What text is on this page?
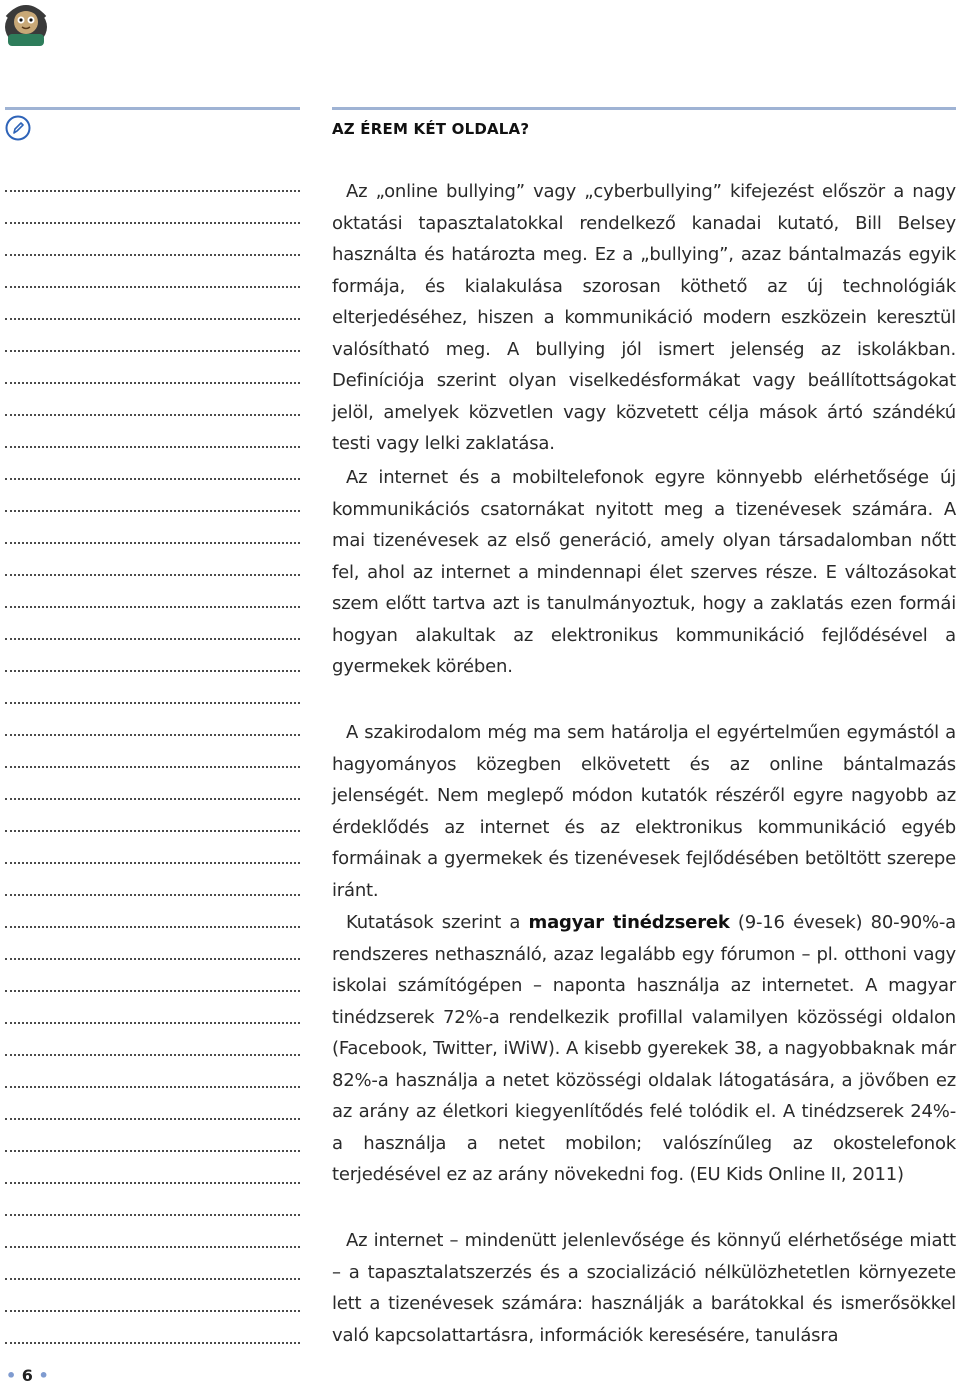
AZ ÉREM KÉT OLDALA?

Az „online bullying” vagy „cyberbullying” kifejezést először a nagy oktatási tapasztalatokkal rendelkező kanadai kutató, Bill Belsey használta és határozta meg. Ez a „bullying”, azaz bántalmazás egyik formája, és kialakulása szorosan köthető az új technológiák elterjedéséhez, hiszen a kommunikáció modern eszközein keresztül valósítható meg. A bullying jól ismert jelenség az iskolákban. Definíciója szerint olyan viselkedésformákat vagy beállítottságokat jelöl, amelyek közvetlen vagy közvetett célja mások ártó szándékú testi vagy lelki zaklatása.

Az internet és a mobiltelefonok egyre könnyebb elérhetősége új kommunikációs csatornákat nyitott meg a tizenévesek számára. A mai tizenévesek az első generáció, amely olyan társadalomban nőtt fel, ahol az internet a mindennapi élet szerves része. E változásokat szem előtt tartva azt is tanulmányoztuk, hogy a zaklatás ezen formái hogyan alakultak az elektronikus kommunikáció fejlődésével a gyermekek körében.

A szakirodalom még ma sem határolja el egyértelműen egymástól a hagyományos közegben elkövetett és az online bántalmazás jelenségét. Nem meglepő módon kutatók részéről egyre nagyobb az érdeklődés az internet és az elektronikus kommunikáció egyéb formáinak a gyermekek és tizenévesek fejlődésében betöltött szerepe iránt.

Kutatások szerint a magyar tinédzserek (9-16 évesek) 80-90%-a rendszeres nethasználó, azaz legalább egy fórumon – pl. otthoni vagy iskolai számítógépen – naponta használja az internetet. A magyar tinédzserek 72%-a rendelkezik profillal valamilyen közösségi oldalon (Facebook, Twitter, iWiW). A kisebb gyerekek 38, a nagyobbaknak már 82%-a használja a netet közösségi oldalak látogatására, a jövőben ez az arány az életkori kiegyenlítődés felé tolódik el. A tinédzserek 24%-a használja a netet mobilon; valószínűleg az okostelefonok terjedésével ez az arány növekedni fog. (EU Kids Online II, 2011)

Az internet – mindenütt jelenlevősége és könnyű elérhetősége miatt – a tapasztalatszerzés és a szocializáció nélkülözhetetlen környezete lett a tizenévesek számára: használják a barátokkal és ismerősökkel való kapcsolattartásra, információk keresésére, tanulásra

• 6 •
